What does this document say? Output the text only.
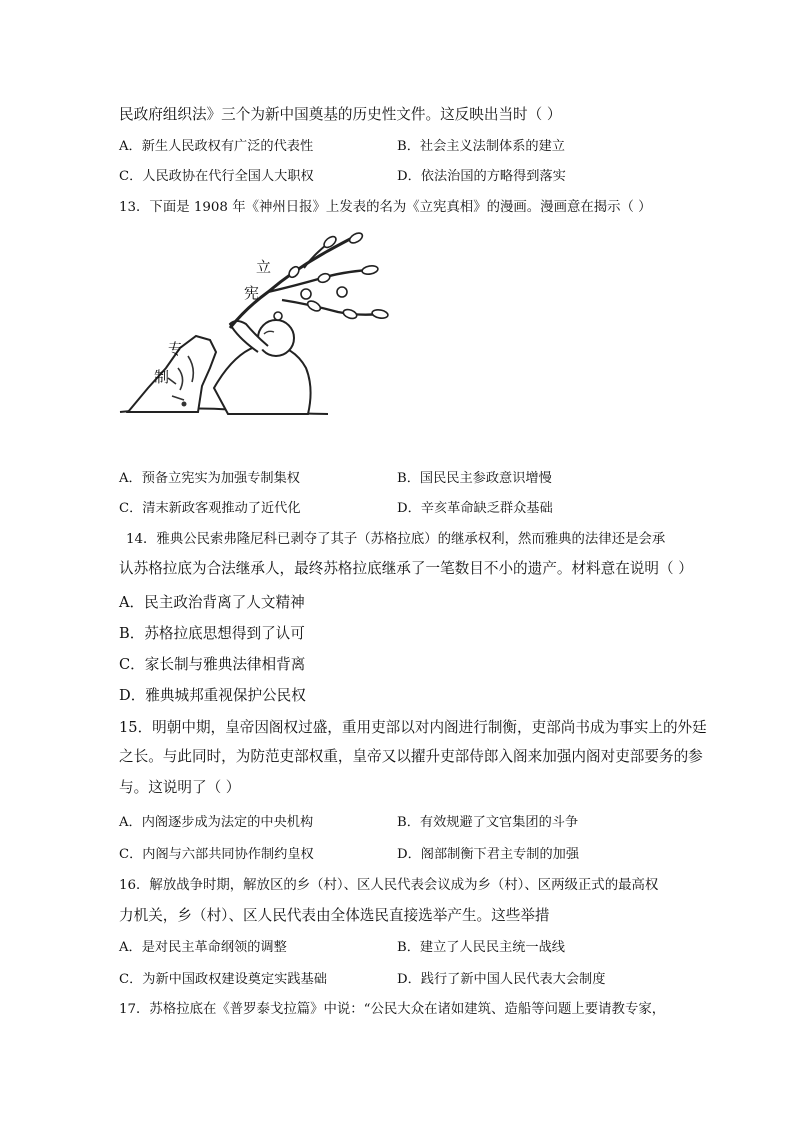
民政府组织法》三个为新中国奠基的历史性文件。这反映出当时（ ）
A．新生人民政权有广泛的代表性	B．社会主义法制体系的建立
C．人民政协在代行全国人大职权	D．依法治国的方略得到落实
13．下面是 1908 年《神州日报》上发表的名为《立宪真相》的漫画。漫画意在揭示（ ）
立
宪
专
制
A．预备立宪实为加强专制集权	B．国民民主参政意识增慢
C．清末新政客观推动了近代化	D．辛亥革命缺乏群众基础
14．雅典公民索弗隆尼科已剥夺了其子（苏格拉底）的继承权利，然而雅典的法律还是会承
认苏格拉底为合法继承人，最终苏格拉底继承了一笔数目不小的遗产。材料意在说明（ ）
A．民主政治背离了人文精神
B．苏格拉底思想得到了认可
C．家长制与雅典法律相背离
D．雅典城邦重视保护公民权
15．明朝中期，皇帝因阁权过盛，重用吏部以对内阁进行制衡，吏部尚书成为事实上的外廷
之长。与此同时，为防范吏部权重，皇帝又以擢升吏部侍郎入阁来加强内阁对吏部要务的参
与。这说明了（ ）
A．内阁逐步成为法定的中央机构	B．有效规避了文官集团的斗争
C．内阁与六部共同协作制约皇权	D．阁部制衡下君主专制的加强
16．解放战争时期，解放区的乡（村）、区人民代表会议成为乡（村）、区两级正式的最高权
力机关，乡（村）、区人民代表由全体选民直接选举产生。这些举措
A．是对民主革命纲领的调整	B．建立了人民民主统一战线
C．为新中国政权建设奠定实践基础	D．践行了新中国人民代表大会制度
17．苏格拉底在《普罗泰戈拉篇》中说：“公民大众在诸如建筑、造船等问题上要请教专家，
